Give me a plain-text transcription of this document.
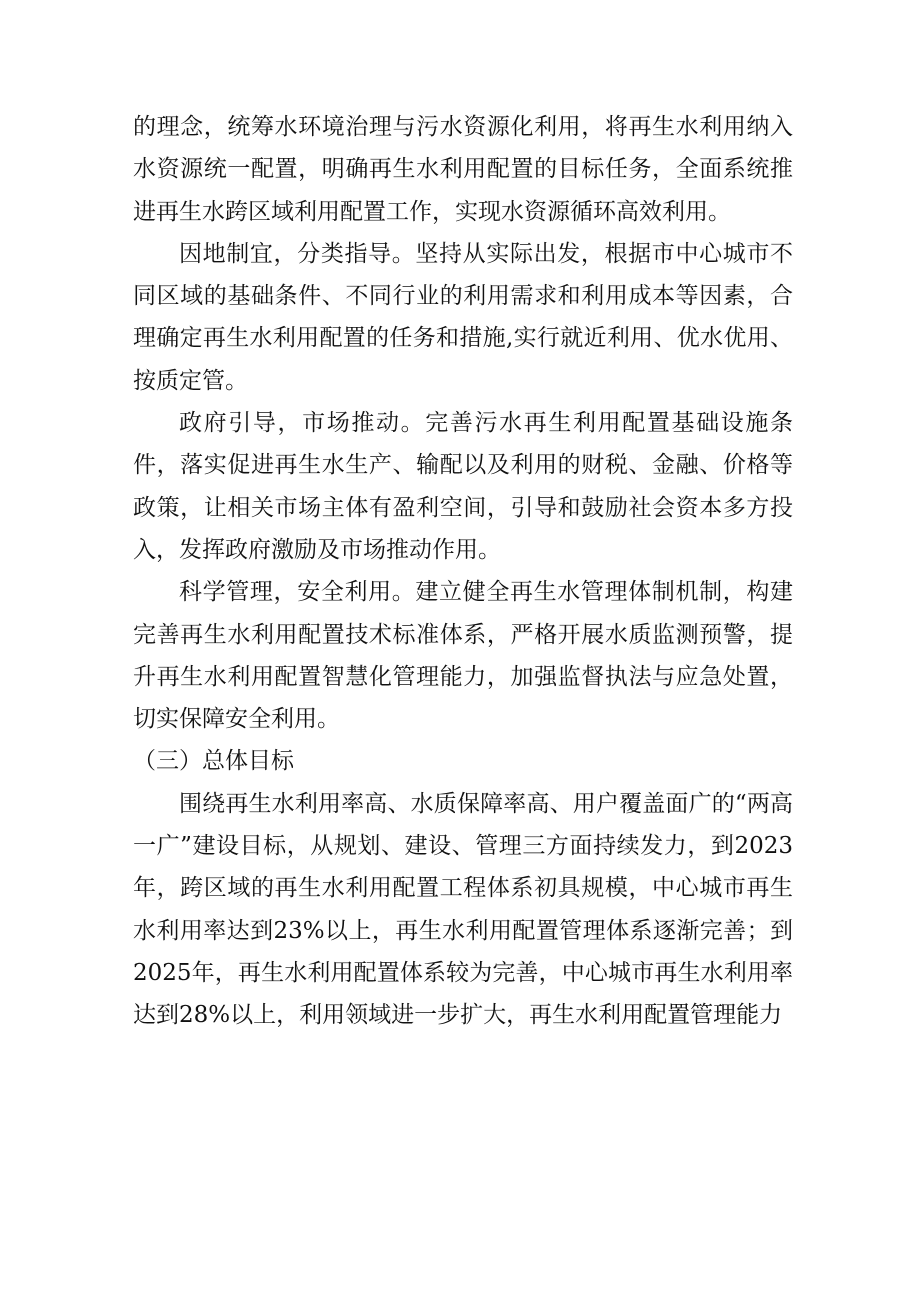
的理念，统筹水环境治理与污水资源化利用，将再生水利用纳入水资源统一配置，明确再生水利用配置的目标任务，全面系统推进再生水跨区域利用配置工作，实现水资源循环高效利用。

因地制宜，分类指导。坚持从实际出发，根据市中心城市不同区域的基础条件、不同行业的利用需求和利用成本等因素，合理确定再生水利用配置的任务和措施,实行就近利用、优水优用、按质定管。

政府引导，市场推动。完善污水再生利用配置基础设施条件，落实促进再生水生产、输配以及利用的财税、金融、价格等政策，让相关市场主体有盈利空间，引导和鼓励社会资本多方投入，发挥政府激励及市场推动作用。

科学管理，安全利用。建立健全再生水管理体制机制，构建完善再生水利用配置技术标准体系，严格开展水质监测预警，提升再生水利用配置智慧化管理能力，加强监督执法与应急处置，切实保障安全利用。

（三）总体目标

围绕再生水利用率高、水质保障率高、用户覆盖面广的“两高一广”建设目标，从规划、建设、管理三方面持续发力，到2023年，跨区域的再生水利用配置工程体系初具规模，中心城市再生水利用率达到23%以上，再生水利用配置管理体系逐渐完善；到2025年，再生水利用配置体系较为完善，中心城市再生水利用率达到28%以上，利用领域进一步扩大，再生水利用配置管理能力
